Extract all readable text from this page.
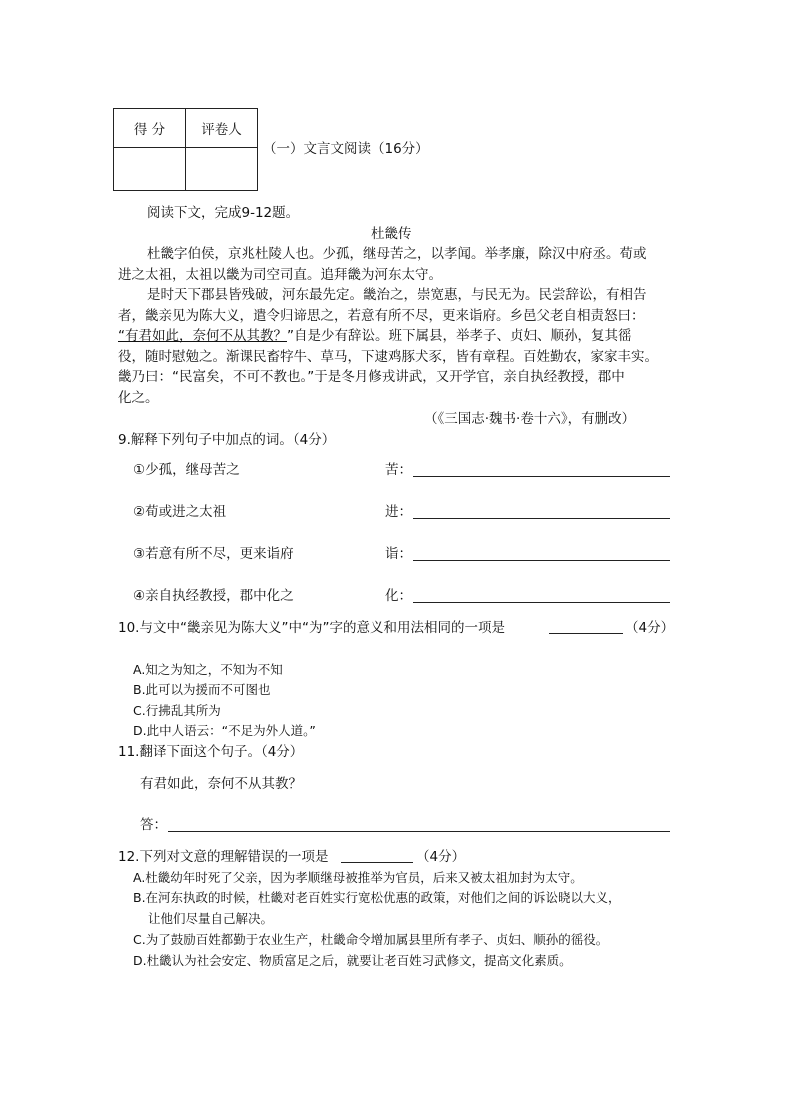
得 分	评卷人

（一）文言文阅读（16分）
阅读下文，完成9-12题。
杜畿传
杜畿字伯侯，京兆杜陵人也。少孤，继母苦之，以孝闻。举孝廉，除汉中府丞。荀或
进之太祖，太祖以畿为司空司直。追拜畿为河东太守。
是时天下郡县皆残破，河东最先定。畿治之，崇宽惠，与民无为。民尝辞讼，有相告
者，畿亲见为陈大义，遣令归谛思之，若意有所不尽，更来诣府。乡邑父老自相责怒曰：
“有君如此，奈何不从其教？”自是少有辞讼。班下属县，举孝子、贞妇、顺孙，复其徭
役，随时慰勉之。渐课民畜牸牛、草马，下逮鸡豚犬豕，皆有章程。百姓勤农，家家丰实。
畿乃曰：“民富矣，不可不教也。”于是冬月修戎讲武，又开学官，亲自执经教授，郡中
化之。
（《三国志·魏书·卷十六》，有删改）
9.解释下列句子中加点的词。（4分）
①少孤，继母苦之	苦：
②荀或进之太祖	进：
③若意有所不尽，更来诣府	诣：
④亲自执经教授，郡中化之	化：
10.与文中“畿亲见为陈大义”中“为”字的意义和用法相同的一项是	（4分）
A.知之为知之，不知为不知
B.此可以为援而不可图也
C.行拂乱其所为
D.此中人语云：“不足为外人道。”
11.翻译下面这个句子。（4分）
有君如此，奈何不从其教？
答：
12.下列对文意的理解错误的一项是	（4分）
A.杜畿幼年时死了父亲，因为孝顺继母被推举为官员，后来又被太祖加封为太守。
B.在河东执政的时候，杜畿对老百姓实行宽松优惠的政策，对他们之间的诉讼晓以大义，
让他们尽量自己解决。
C.为了鼓励百姓都勤于农业生产，杜畿命令增加属县里所有孝子、贞妇、顺孙的徭役。
D.杜畿认为社会安定、物质富足之后，就要让老百姓习武修文，提高文化素质。
